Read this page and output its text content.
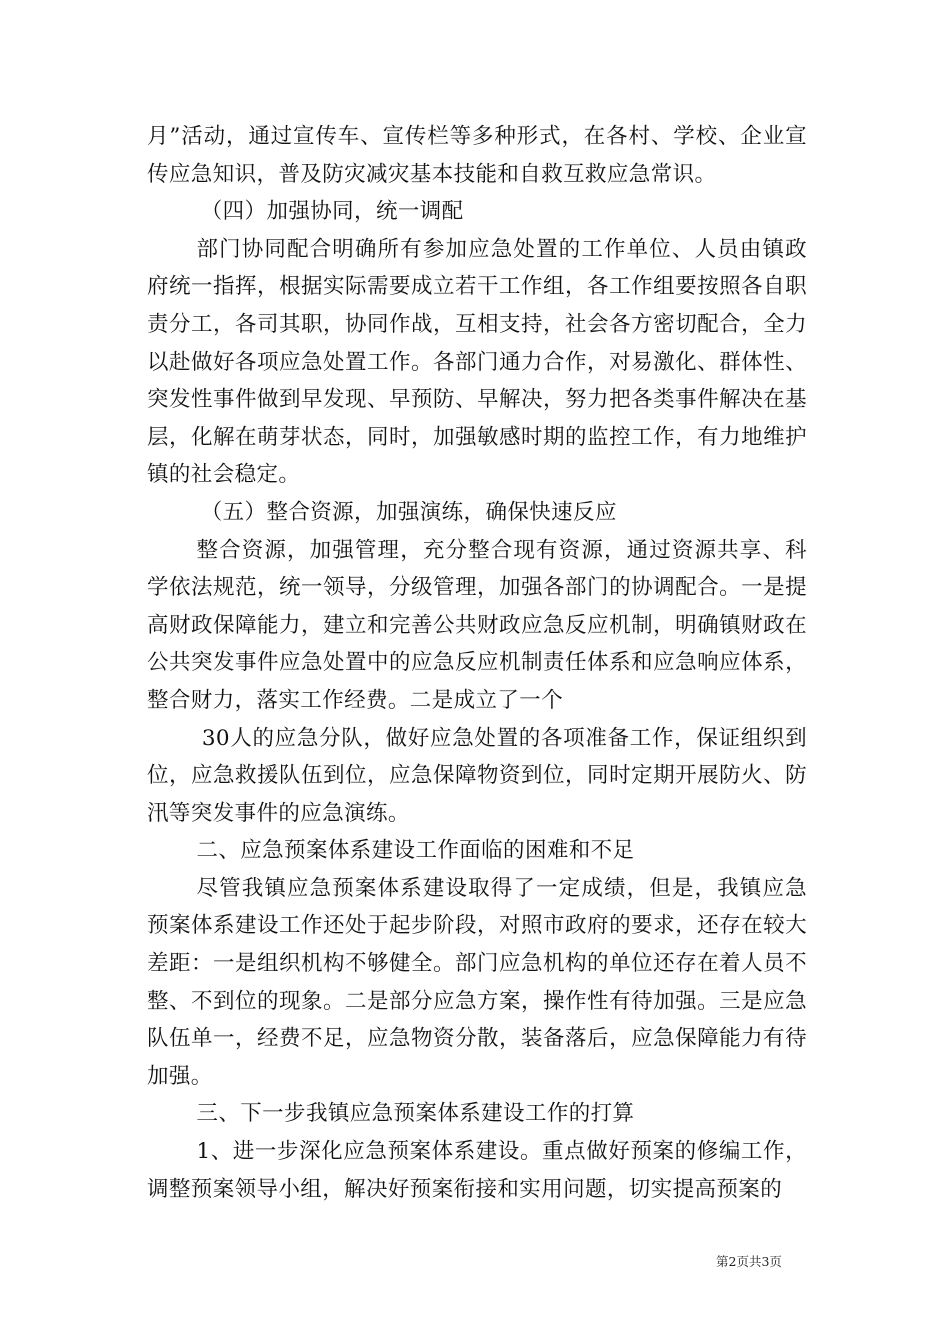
月”活动，通过宣传车、宣传栏等多种形式，在各村、学校、企业宣传应急知识，普及防灾减灾基本技能和自救互救应急常识。

（四）加强协同，统一调配

部门协同配合明确所有参加应急处置的工作单位、人员由镇政府统一指挥，根据实际需要成立若干工作组，各工作组要按照各自职责分工，各司其职，协同作战，互相支持，社会各方密切配合，全力以赴做好各项应急处置工作。各部门通力合作，对易激化、群体性、突发性事件做到早发现、早预防、早解决，努力把各类事件解决在基层，化解在萌芽状态，同时，加强敏感时期的监控工作，有力地维护镇的社会稳定。

（五）整合资源，加强演练，确保快速反应

整合资源，加强管理，充分整合现有资源，通过资源共享、科学依法规范，统一领导，分级管理，加强各部门的协调配合。一是提高财政保障能力，建立和完善公共财政应急反应机制，明确镇财政在公共突发事件应急处置中的应急反应机制责任体系和应急响应体系，整合财力，落实工作经费。二是成立了一个

30人的应急分队，做好应急处置的各项准备工作，保证组织到位，应急救援队伍到位，应急保障物资到位，同时定期开展防火、防汛等突发事件的应急演练。

二、应急预案体系建设工作面临的困难和不足

尽管我镇应急预案体系建设取得了一定成绩，但是，我镇应急预案体系建设工作还处于起步阶段，对照市政府的要求，还存在较大差距：一是组织机构不够健全。部门应急机构的单位还存在着人员不整、不到位的现象。二是部分应急方案，操作性有待加强。三是应急队伍单一，经费不足，应急物资分散，装备落后，应急保障能力有待加强。

三、下一步我镇应急预案体系建设工作的打算

1、进一步深化应急预案体系建设。重点做好预案的修编工作，调整预案领导小组，解决好预案衔接和实用问题，切实提高预案的

第2页共3页
